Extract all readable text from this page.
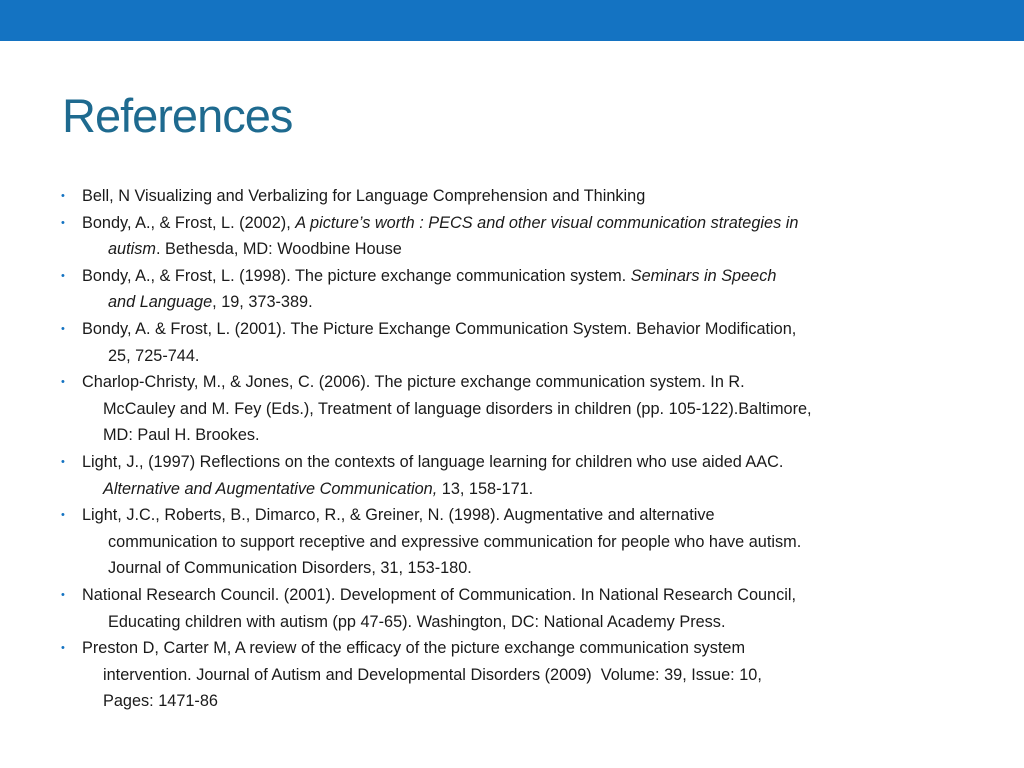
References
•	Bell, N Visualizing and Verbalizing for Language Comprehension and Thinking
•	Bondy, A., & Frost, L. (2002), A picture’s worth : PECS and other visual communication strategies in
autism. Bethesda, MD: Woodbine House
•	Bondy, A., & Frost, L. (1998). The picture exchange communication system. Seminars in Speech
and Language, 19, 373-389.
•	Bondy, A. & Frost, L. (2001). The Picture Exchange Communication System. Behavior Modification,
25, 725-744.
•	Charlop-Christy, M., & Jones, C. (2006). The picture exchange communication system. In R.
McCauley and M. Fey (Eds.), Treatment of language disorders in children (pp. 105-122).Baltimore,
MD: Paul H. Brookes.
•	Light, J., (1997) Reflections on the contexts of language learning for children who use aided AAC.
Alternative and Augmentative Communication, 13, 158-171.
•	Light, J.C., Roberts, B., Dimarco, R., & Greiner, N. (1998). Augmentative and alternative
communication to support receptive and expressive communication for people who have autism.
Journal of Communication Disorders, 31, 153-180.
•	National Research Council. (2001). Development of Communication. In National Research Council,
Educating children with autism (pp 47-65). Washington, DC: National Academy Press.
•	Preston D, Carter M, A review of the efficacy of the picture exchange communication system
intervention. Journal of Autism and Developmental Disorders (2009)  Volume: 39, Issue: 10,
Pages: 1471-86
